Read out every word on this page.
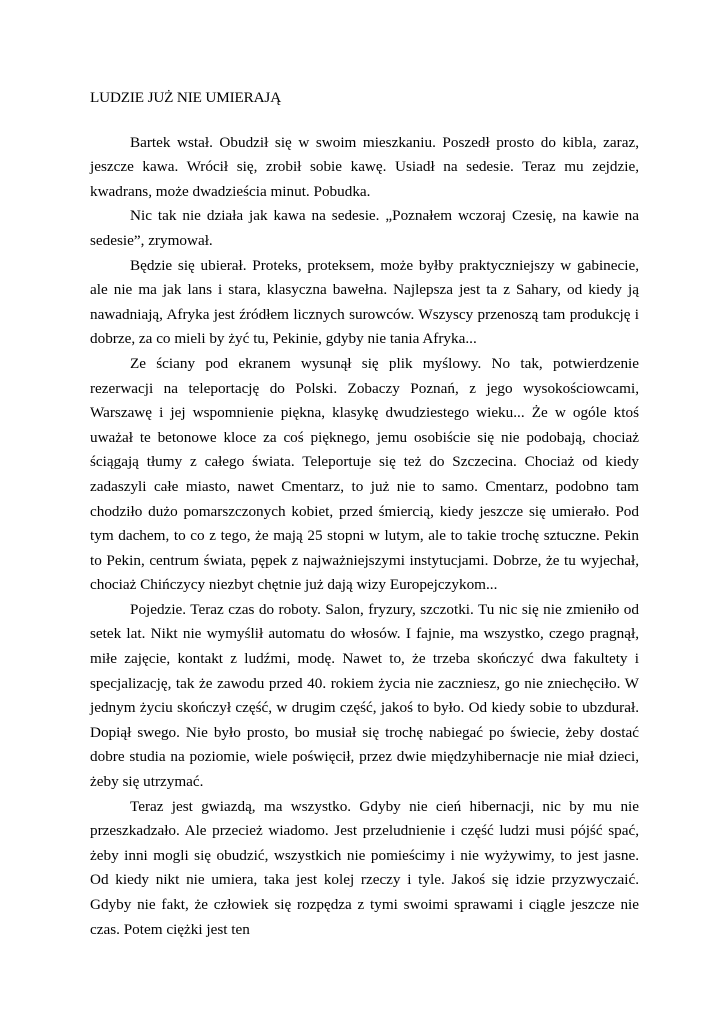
LUDZIE JUŻ NIE UMIERAJĄ

Bartek wstał. Obudził się w swoim mieszkaniu. Poszedł prosto do kibla, zaraz, jeszcze kawa. Wrócił się, zrobił sobie kawę. Usiadł na sedesie. Teraz mu zejdzie, kwadrans, może dwadzieścia minut. Pobudka.

Nic tak nie działa jak kawa na sedesie. „Poznałem wczoraj Czesię, na kawie na sedesie”, zrymował.

Będzie się ubierał. Proteks, proteksem, może byłby praktyczniejszy w gabinecie, ale nie ma jak lans i stara, klasyczna bawełna. Najlepsza jest ta z Sahary, od kiedy ją nawadniają, Afryka jest źródłem licznych surowców. Wszyscy przenoszą tam produkcję i dobrze, za co mieli by żyć tu, Pekinie, gdyby nie tania Afryka...

Ze ściany pod ekranem wysunął się plik myślowy. No tak, potwierdzenie rezerwacji na teleportację do Polski. Zobaczy Poznań, z jego wysokościowcami, Warszawę i jej wspomnienie piękna, klasykę dwudziestego wieku... Że w ogóle ktoś uważał te betonowe kloce za coś pięknego, jemu osobiście się nie podobają, chociaż ściągają tłumy z całego świata. Teleportuje się też do Szczecina. Chociaż od kiedy zadaszyli całe miasto, nawet Cmentarz, to już nie to samo. Cmentarz, podobno tam chodziło dużo pomarszczonych kobiet, przed śmiercią, kiedy jeszcze się umierało. Pod tym dachem, to co z tego, że mają 25 stopni w lutym, ale to takie trochę sztuczne. Pekin to Pekin, centrum świata, pępek z najważniejszymi instytucjami. Dobrze, że tu wyjechał, chociaż Chińczycy niezbyt chętnie już dają wizy Europejczykom...

Pojedzie. Teraz czas do roboty. Salon, fryzury, szczotki. Tu nic się nie zmieniło od setek lat. Nikt nie wymyślił automatu do włosów. I fajnie, ma wszystko, czego pragnął, miłe zajęcie, kontakt z ludźmi, modę. Nawet to, że trzeba skończyć dwa fakultety i specjalizację, tak że zawodu przed 40. rokiem życia nie zaczniesz, go nie zniechęciło. W jednym życiu skończył część, w drugim część, jakoś to było. Od kiedy sobie to ubzdurał. Dopiął swego. Nie było prosto, bo musiał się trochę nabiegać po świecie, żeby dostać dobre studia na poziomie, wiele poświęcił, przez dwie międzyhibernacje nie miał dzieci, żeby się utrzymać.

Teraz jest gwiazdą, ma wszystko. Gdyby nie cień hibernacji, nic by mu nie przeszkadzało. Ale przecież wiadomo. Jest przeludnienie i część ludzi musi pójść spać, żeby inni mogli się obudzić, wszystkich nie pomieścimy i nie wyżywimy, to jest jasne. Od kiedy nikt nie umiera, taka jest kolej rzeczy i tyle. Jakoś się idzie przyzwyczaić. Gdyby nie fakt, że człowiek się rozpędza z tymi swoimi sprawami i ciągle jeszcze nie czas. Potem ciężki jest ten
